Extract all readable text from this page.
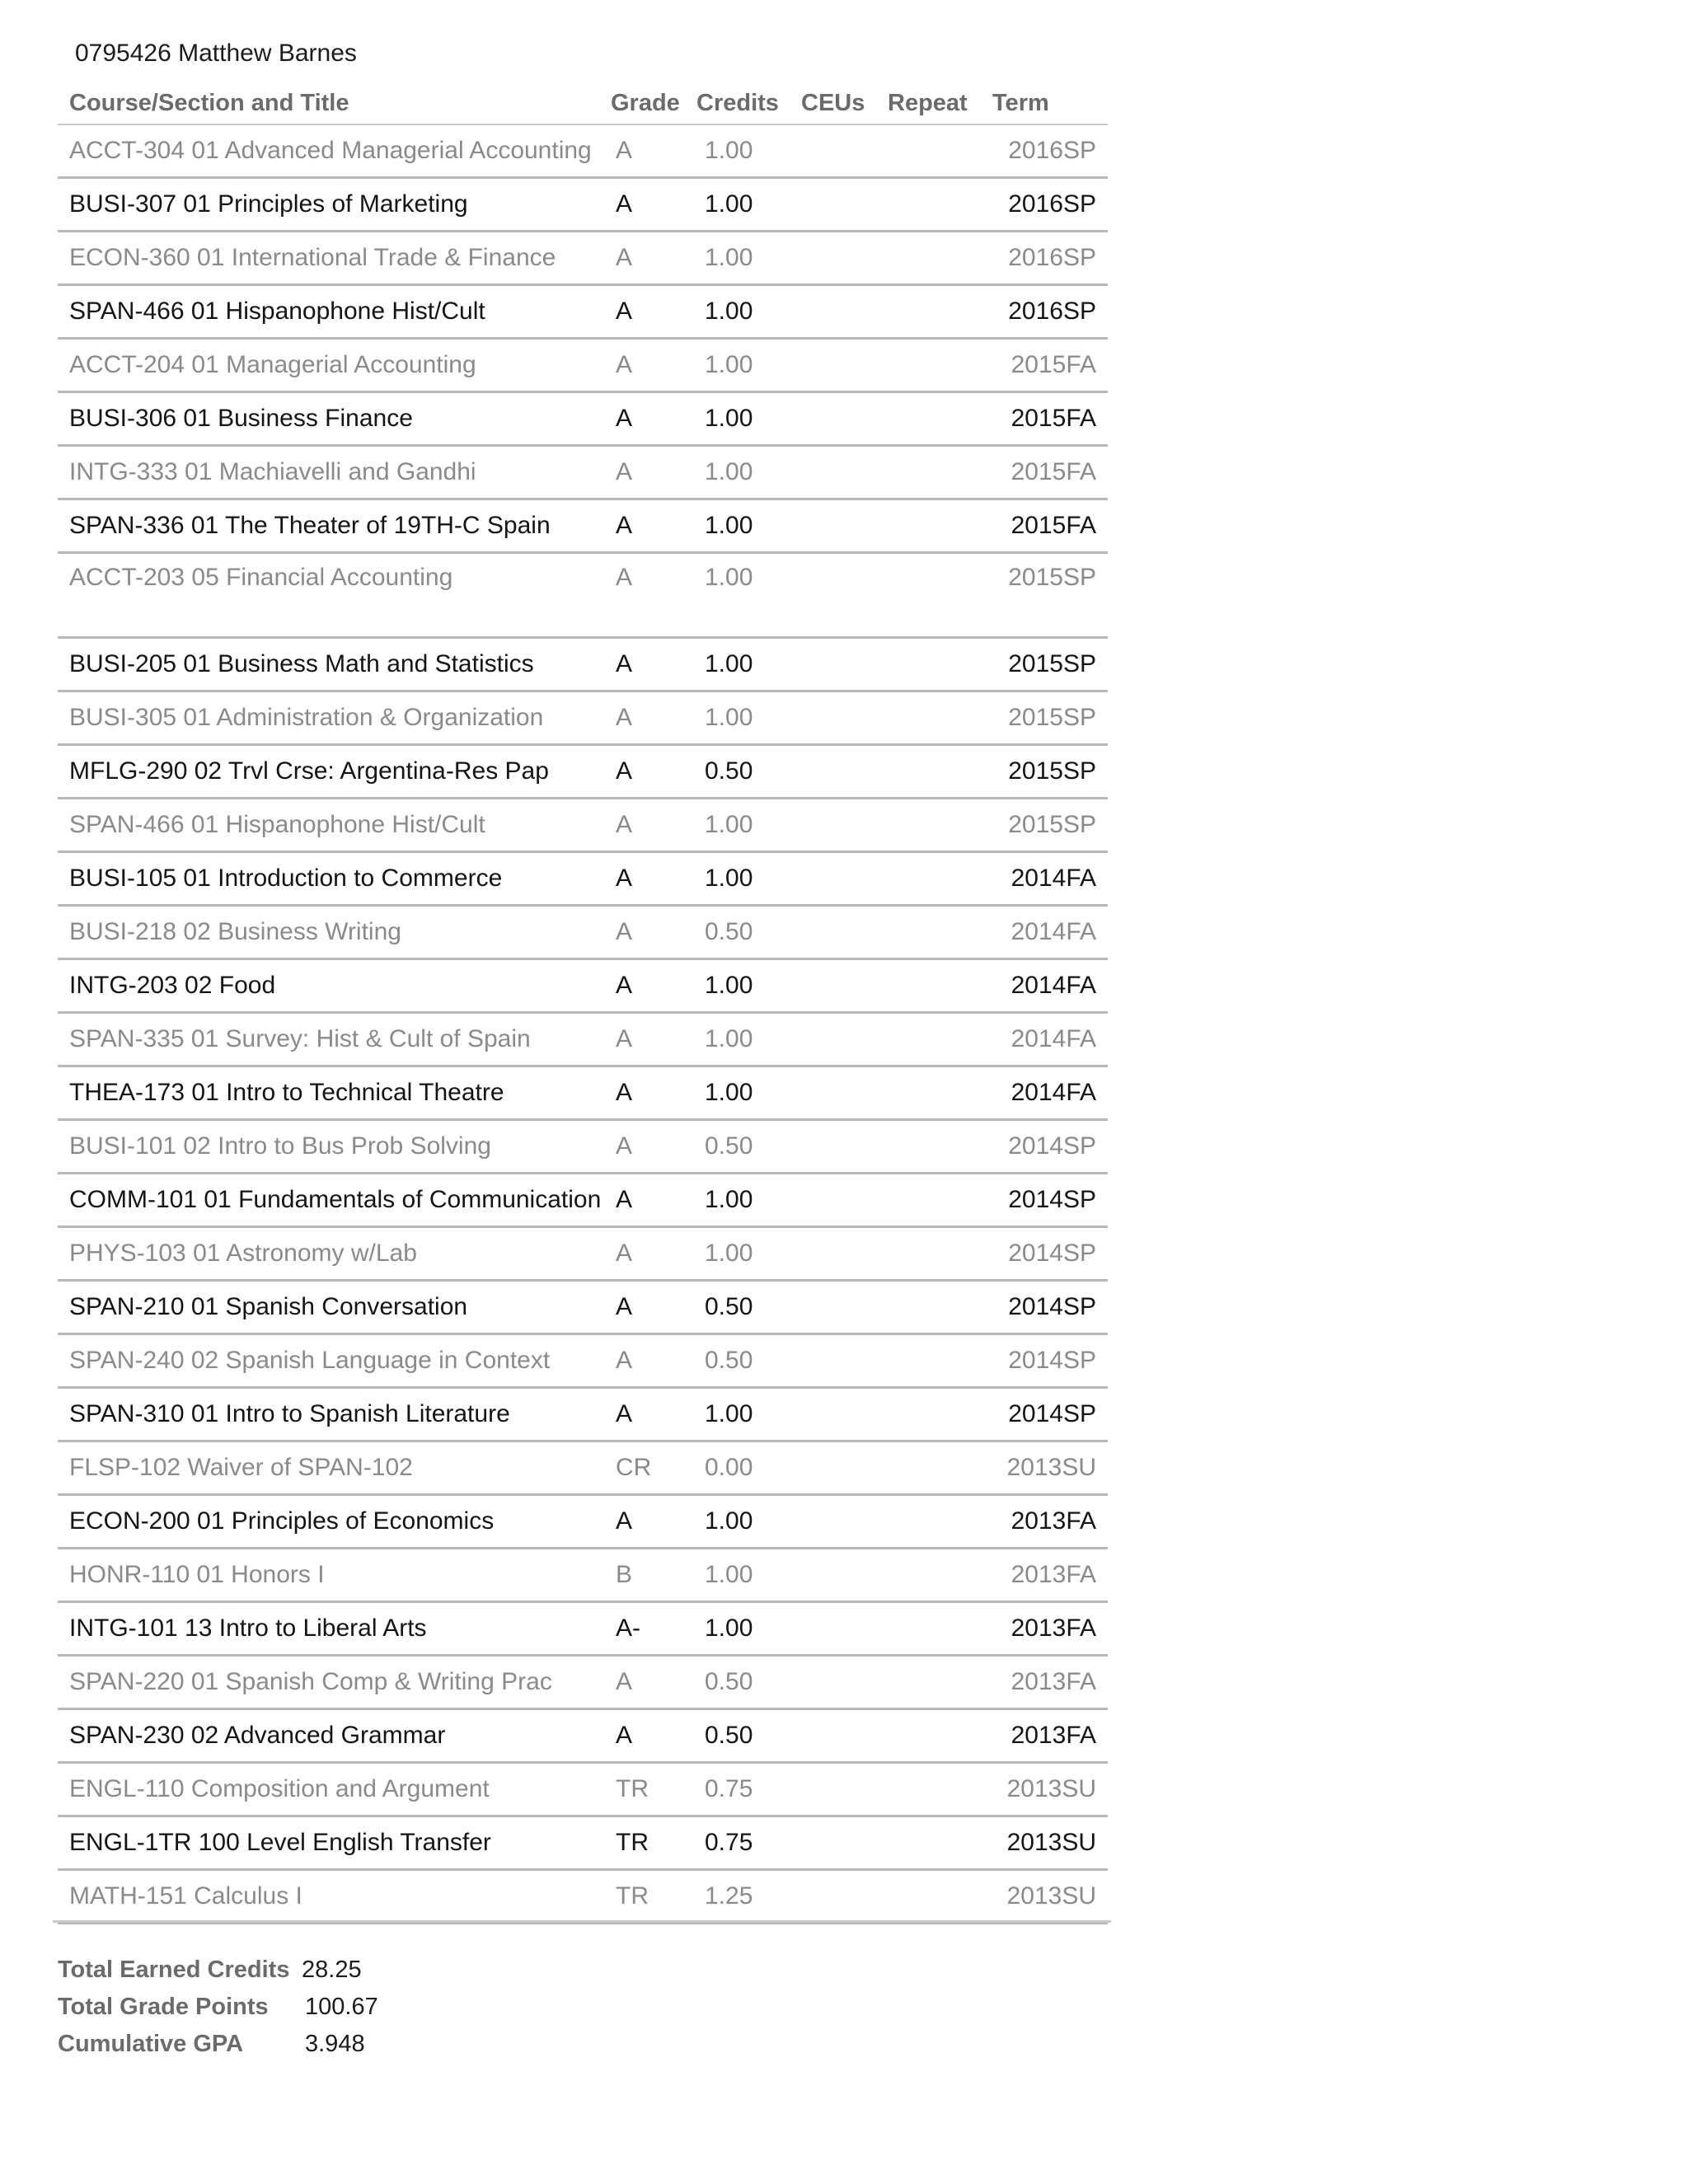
0795426 Matthew Barnes
Course/Section and Title	Grade	Credits	CEUs	Repeat	Term
ACCT-304 01 Advanced Managerial Accounting	A	1.00			2016SP
BUSI-307 01 Principles of Marketing	A	1.00			2016SP
ECON-360 01 International Trade & Finance	A	1.00			2016SP
SPAN-466 01 Hispanophone Hist/Cult	A	1.00			2016SP
ACCT-204 01 Managerial Accounting	A	1.00			2015FA
BUSI-306 01 Business Finance	A	1.00			2015FA
INTG-333 01 Machiavelli and Gandhi	A	1.00			2015FA
SPAN-336 01 The Theater of 19TH-C Spain	A	1.00			2015FA
ACCT-203 05 Financial Accounting	A	1.00			2015SP
BUSI-205 01 Business Math and Statistics	A	1.00			2015SP
BUSI-305 01 Administration & Organization	A	1.00			2015SP
MFLG-290 02 Trvl Crse: Argentina-Res Pap	A	0.50			2015SP
SPAN-466 01 Hispanophone Hist/Cult	A	1.00			2015SP
BUSI-105 01 Introduction to Commerce	A	1.00			2014FA
BUSI-218 02 Business Writing	A	0.50			2014FA
INTG-203 02 Food	A	1.00			2014FA
SPAN-335 01 Survey: Hist & Cult of Spain	A	1.00			2014FA
THEA-173 01 Intro to Technical Theatre	A	1.00			2014FA
BUSI-101 02 Intro to Bus Prob Solving	A	0.50			2014SP
COMM-101 01 Fundamentals of Communication	A	1.00			2014SP
PHYS-103 01 Astronomy w/Lab	A	1.00			2014SP
SPAN-210 01 Spanish Conversation	A	0.50			2014SP
SPAN-240 02 Spanish Language in Context	A	0.50			2014SP
SPAN-310 01 Intro to Spanish Literature	A	1.00			2014SP
FLSP-102 Waiver of SPAN-102	CR	0.00			2013SU
ECON-200 01 Principles of Economics	A	1.00			2013FA
HONR-110 01 Honors I	B	1.00			2013FA
INTG-101 13 Intro to Liberal Arts	A-	1.00			2013FA
SPAN-220 01 Spanish Comp & Writing Prac	A	0.50			2013FA
SPAN-230 02 Advanced Grammar	A	0.50			2013FA
ENGL-110 Composition and Argument	TR	0.75			2013SU
ENGL-1TR 100 Level English Transfer	TR	0.75			2013SU
MATH-151 Calculus I	TR	1.25			2013SU
Total Earned Credits 28.25
Total Grade Points	100.67
Cumulative GPA	3.948
